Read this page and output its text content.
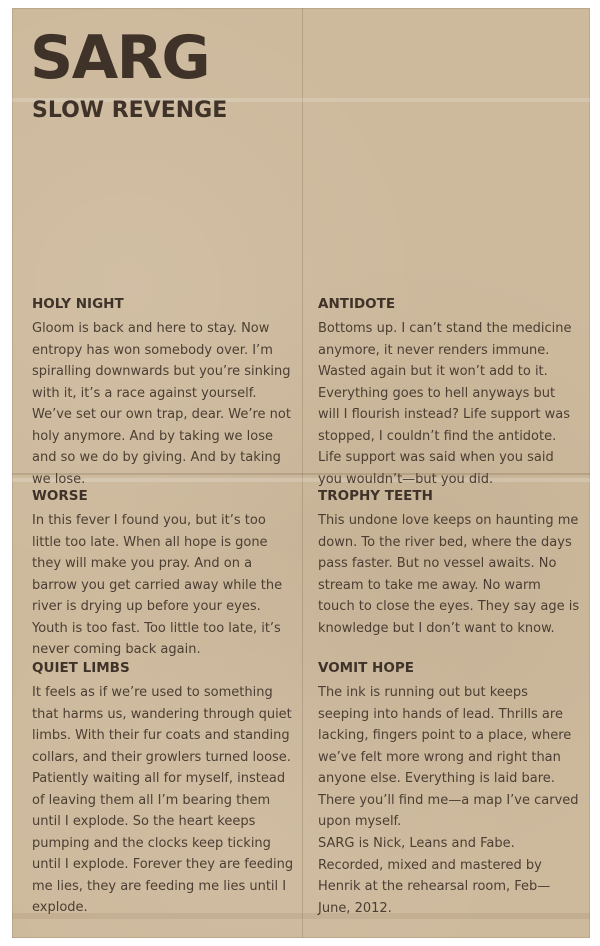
SARG
SLOW REVENGE
HOLY NIGHT

Gloom is back and here to stay. Now entropy has won somebody over. I’m spiralling downwards but you’re sinking with it, it’s a race against yourself. We’ve set our own trap, dear. We’re not holy anymore. And by taking we lose and so we do by giving. And by taking we lose.

ANTIDOTE

Bottoms up. I can’t stand the medicine anymore, it never renders immune. Wasted again but it won’t add to it. Everything goes to hell anyways but will I flourish instead? Life support was stopped, I couldn’t find the antidote. Life support was said when you said you wouldn’t—but you did.

WORSE

In this fever I found you, but it’s too little too late. When all hope is gone they will make you pray. And on a barrow you get carried away while the river is drying up before your eyes. Youth is too fast. Too little too late, it’s never coming back again.

TROPHY TEETH

This undone love keeps on haunting me down. To the river bed, where the days pass faster. But no vessel awaits. No stream to take me away. No warm touch to close the eyes. They say age is knowledge but I don’t want to know.

QUIET LIMBS

It feels as if we’re used to something that harms us, wandering through quiet limbs. With their fur coats and standing collars, and their growlers turned loose. Patiently waiting all for myself, instead of leaving them all I’m bearing them until I explode. So the heart keeps pumping and the clocks keep ticking until I explode. Forever they are feeding me lies, they are feeding me lies until I explode.

VOMIT HOPE

The ink is running out but keeps seeping into hands of lead. Thrills are lacking, fingers point to a place, where we’ve felt more wrong and right than anyone else. Everything is laid bare. There you’ll find me—a map I’ve carved upon myself.

SARG is Nick, Leans and Fabe. Recorded, mixed and mastered by Henrik at the rehearsal room, Feb—June, 2012.
